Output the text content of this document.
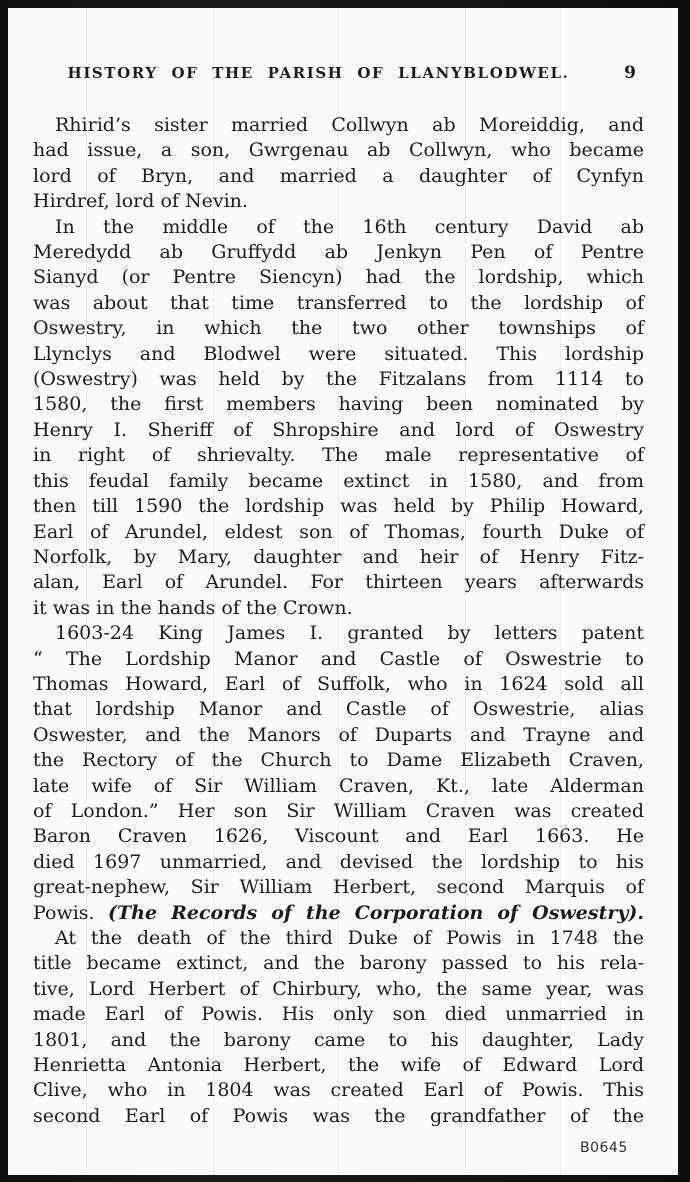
HISTORY OF THE PARISH OF LLANYBLODWEL.	9
Rhirid’s sister married Collwyn ab Moreiddig, and
had issue, a son, Gwrgenau ab Collwyn, who became
lord of Bryn, and married a daughter of Cynfyn
Hirdref, lord of Nevin.
In the middle of the 16th century David ab
Meredydd ab Gruffydd ab Jenkyn Pen of Pentre
Sianyd (or Pentre Siencyn) had the lordship, which
was about that time transferred to the lordship of
Oswestry, in which the two other townships of
Llynclys and Blodwel were situated. This lordship
(Oswestry) was held by the Fitzalans from 1114 to
1580, the first members having been nominated by
Henry I. Sheriff of Shropshire and lord of Oswestry
in right of shrievalty. The male representative of
this feudal family became extinct in 1580, and from
then till 1590 the lordship was held by Philip Howard,
Earl of Arundel, eldest son of Thomas, fourth Duke of
Norfolk, by Mary, daughter and heir of Henry Fitz-
alan, Earl of Arundel. For thirteen years afterwards
it was in the hands of the Crown.
1603-24 King James I. granted by letters patent
“ The Lordship Manor and Castle of Oswestrie to
Thomas Howard, Earl of Suffolk, who in 1624 sold all
that lordship Manor and Castle of Oswestrie, alias
Oswester, and the Manors of Duparts and Trayne and
the Rectory of the Church to Dame Elizabeth Craven,
late wife of Sir William Craven, Kt., late Alderman
of London.” Her son Sir William Craven was created
Baron Craven 1626, Viscount and Earl 1663. He
died 1697 unmarried, and devised the lordship to his
great-nephew, Sir William Herbert, second Marquis of
Powis. (The Records of the Corporation of Oswestry).
At the death of the third Duke of Powis in 1748 the
title became extinct, and the barony passed to his rela-
tive, Lord Herbert of Chirbury, who, the same year, was
made Earl of Powis. His only son died unmarried in
1801, and the barony came to his daughter, Lady
Henrietta Antonia Herbert, the wife of Edward Lord
Clive, who in 1804 was created Earl of Powis. This
second Earl of Powis was the grandfather of the
B0645
